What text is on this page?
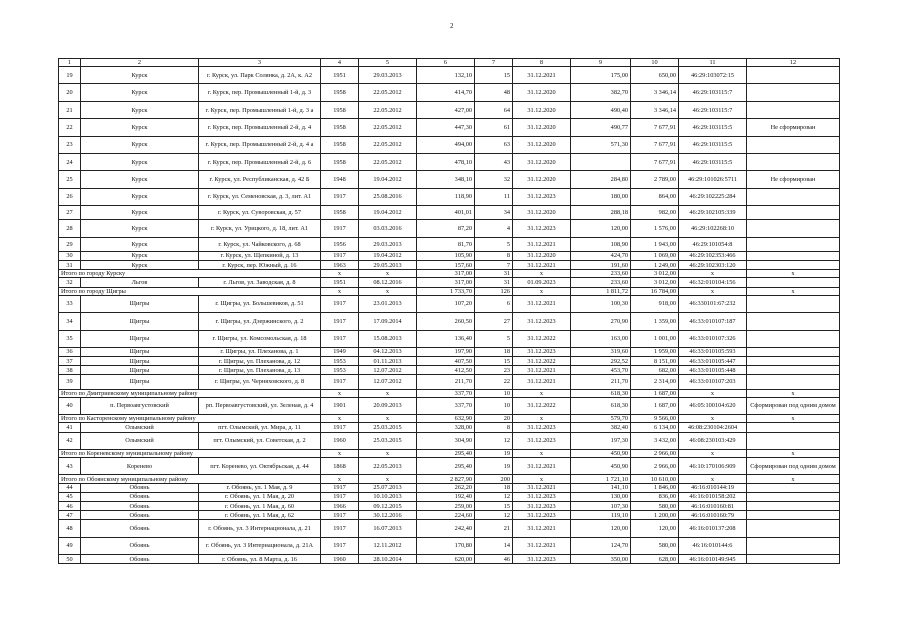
2
1	2	3	4	5	6	7	8	9	10	11	12
19	Курск	г. Курск, ул. Парк Солянка, д. 2А, к. А2	1951	29.03.2013	132,10	15	31.12.2021	175,00	650,00	46:29:103072:15	
20	Курск	г. Курск, пер. Промышленный 1-й, д. 3	1958	22.05.2012	414,70	48	31.12.2020	382,70	3 346,14	46:29:103115:7	
21	Курск	г. Курск, пер. Промышленный 1-й, д. 3 а	1958	22.05.2012	427,00	64	31.12.2020	490,40	3 346,14	46:29:103115:7	
22	Курск	г. Курск, пер. Промышленный 2-й, д. 4	1958	22.05.2012	447,30	61	31.12.2020	490,77	7 677,91	46:29:103115:5	Не сформирован
23	Курск	г. Курск, пер. Промышленный 2-й, д. 4 а	1958	22.05.2012	494,00	63	31.12.2020	571,30	7 677,91	46:29:103115:5	
24	Курск	г. Курск, пер. Промышленный 2-й, д. 6	1958	22.05.2012	478,10	43	31.12.2020		7 677,91	46:29:103115:5	
25	Курск	г. Курск, ул. Республиканская, д. 42 Б	1948	19.04.2012	348,10	32	31.12.2020	284,80	2 789,00	46:29:101026:5711	Не сформирован
26	Курск	г. Курск, ул. Семеновская, д. 3, лит. А1	1917	25.08.2016	118,90	11	31.12.2023	180,00	864,00	46:29:102225:284	
27	Курск	г. Курск, ул. Суворовская, д. 57	1958	19.04.2012	401,01	34	31.12.2020	288,18	982,00	46:29:102105:339	
28	Курск	г. Курск, ул. Урицкого, д. 18, лит. А1	1917	03.03.2016	87,20	4	31.12.2023	120,00	1 576,00	46:29:102268:10	
29	Курск	г. Курск, ул. Чайковского, д. 68	1956	29.03.2013	81,70	5	31.12.2021	108,90	1 943,00	46:29:101054:8	
30	Курск	г. Курск, ул. Щепкиной, д. 13	1917	19.04.2012	105,90	8	31.12.2020	424,70	1 069,00	46:29:102353:466	
31	Курск	г. Курск, пер. Южный, д. 16	1963	29.05.2013	157,60	7	31.12.2021	191,60	1 249,00	46:29:102303:120	
Итого по городу Курску			x	x	317,00	31	x	233,60	3 012,00	x	x
32	Льгов	г. Льгов, ул. Заводская, д. 8	1951	08.12.2016	317,00	31	01.09.2023	233,60	3 012,00	46:32:010104:156	
Итого по городу Щигры			x	x	1 733,70	126	x	1 811,72	16 784,00	x	x
33	Щигры	г. Щигры, ул. Большевиков, д. 51	1917	23.01.2013	107,20	6	31.12.2021	100,30	918,00	46:330101:67:232	
34	Щигры	г. Щигры, ул. Дзержинского, д. 2	1917	17.09.2014	260,50	27	31.12.2023	270,90	1 359,00	46:33:010107:187	
35	Щигры	г. Щигры, ул. Комсомольская, д. 18	1917	15.08.2013	136,40	5	31.12.2022	163,00	1 001,00	46:33:010107:326	
36	Щигры	г. Щигры, ул. Плеханова, д. 1	1949	04.12.2013	197,90	18	31.12.2023	319,60	1 959,00	46:33:010105:593	
37	Щигры	г. Щигры, ул. Плеханова, д. 12	1953	01.11.2013	407,50	15	31.12.2022	292,52	8 151,00	46:33:010105:447	
38	Щигры	г. Щигры, ул. Плеханова, д. 13	1953	12.07.2012	412,50	23	31.12.2021	453,70	682,00	46:33:010105:448	
39	Щигры	г. Щигры, ул. Черняховского, д. 8	1917	12.07.2012	211,70	22	31.12.2021	211,70	2 314,00	46:33:010107:203	
Итого по Дмитриевскому муниципальному району			x	x	337,70	10	x	618,30	1 687,00	x	x
40	п. Первоавгустовский	рп. Первоавгустовский, ул. Зеленая, д. 4	1901	20.09.2013	337,70	10	31.12.2022	618,30	1 687,00	46:05:100104:620	Сформирован под одним домом
Итого по Касторенскому муниципальному району			x	x	632,90	20	x	579,70	9 566,00	x	x
41	Олымский	пгт. Олымский, ул. Мира, д. 11	1917	25.03.2015	328,00	8	31.12.2023	382,40	6 134,00	46:08:230104:2604	
42	Олымский	пгт. Олымский, ул. Советская, д. 2	1960	25.03.2015	304,90	12	31.12.2023	197,30	3 432,00	46:08:230103:429	
Итого по Кореневскому муниципальному району			x	x	295,40	19	x	450,90	2 966,00	x	x
43	Коренево	пгт. Коренево, ул. Октябрьская, д. 44	1868	22.05.2013	295,40	19	31.12.2021	450,90	2 966,00	46:10:170106:909	Сформирован под одним домом
Итого по Обоянскому муниципальному району			x	x	2 827,90	200	x	1 721,10	10 610,00	x	x
44	Обоянь	г. Обоянь, ул. 1 Мая, д. 9	1917	25.07.2013	262,20	18	31.12.2021	141,10	1 846,00	46:16:010144:19	
45	Обоянь	г. Обоянь, ул. 1 Мая, д. 20	1917	10.10.2013	192,40	12	31.12.2023	130,00	836,00	46:16:010158:202	
46	Обоянь	г. Обоянь, ул. 1 Мая, д. 60	1966	09.12.2015	259,00	15	31.12.2023	107,30	580,00	46:16:010160:81	
47	Обоянь	г. Обоянь, ул. 1 Мая, д. 62	1917	30.12.2016	224,60	12	31.12.2023	119,10	1 200,00	46:16:010160:79	
48	Обоянь	г. Обоянь, ул. 3 Интернационала, д. 21	1917	16.07.2013	242,40	21	31.12.2021	120,00	120,00	46:16:010137:208	
49	Обоянь	г. Обоянь, ул. 3 Интернационала, д. 21А	1917	12.11.2012	170,80	14	31.12.2021	124,70	580,00	46:16:010144:6	
50	Обоянь	г. Обоянь, ул. 8 Марта, д. 16	1960	28.10.2014	620,00	46	31.12.2023	350,00	628,00	46:16:010149:945	
